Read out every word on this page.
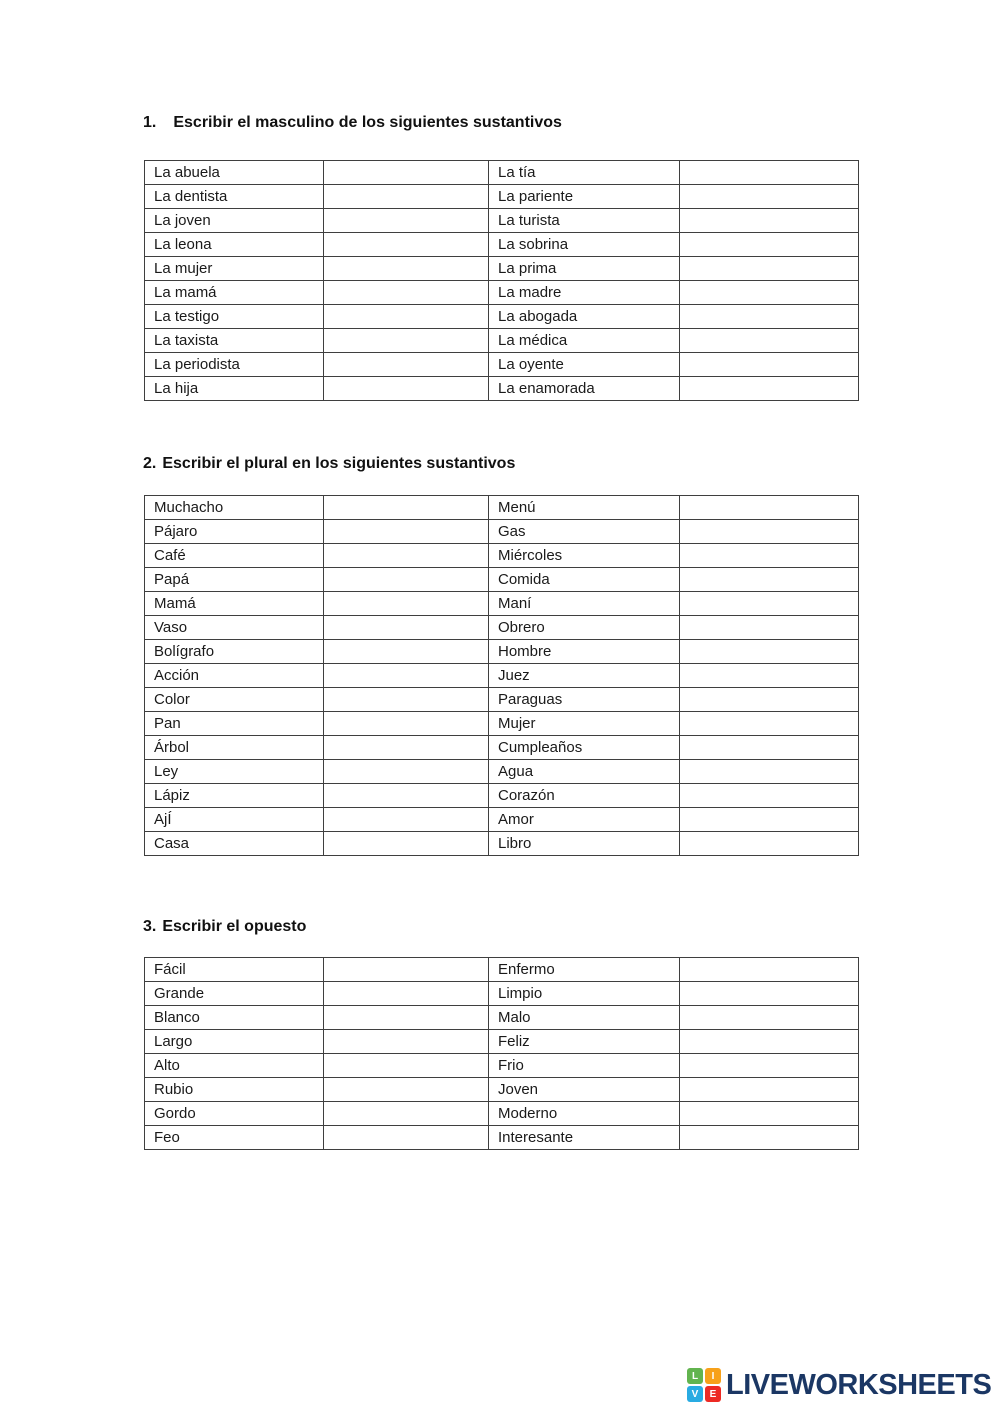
1. Escribir el masculino de los siguientes sustantivos
La abuela		La tía	
La dentista		La pariente	
La joven		La turista	
La leona		La sobrina	
La mujer		La prima	
La mamá		La madre	
La testigo		La abogada	
La taxista		La médica	
La periodista		La oyente	
La hija		La enamorada	
2. Escribir el plural en los siguientes sustantivos
Muchacho		Menú	
Pájaro		Gas	
Café		Miércoles	
Papá		Comida	
Mamá		Maní	
Vaso		Obrero	
Bolígrafo		Hombre	
Acción		Juez	
Color		Paraguas	
Pan		Mujer	
Árbol		Cumpleaños	
Ley		Agua	
Lápiz		Corazón	
AjÍ		Amor	
Casa		Libro	
3. Escribir el opuesto
Fácil		Enfermo	
Grande		Limpio	
Blanco		Malo	
Largo		Feliz	
Alto		Frio	
Rubio		Joven	
Gordo		Moderno	
Feo		Interesante	
L	I
V	E LIVEWORKSHEETS
